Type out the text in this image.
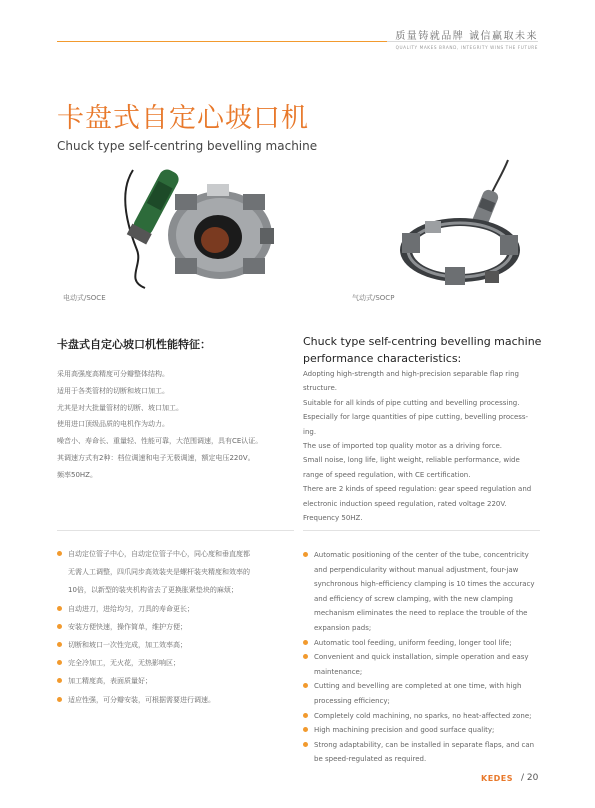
质量铸就品牌 诚信赢取未来
QUALITY MAKES BRAND, INTEGRITY WINS THE FUTURE
卡盘式自定心坡口机
Chuck type self-centring bevelling machine
电动式/SOCE	气动式/SOCP
卡盘式自定心坡口机性能特征：	Chuck type self-centring bevelling machine performance characteristics:
采用高强度高精度可分瓣整体结构。
适用于各类管材的切断和坡口加工。
尤其是对大批量管材的切断、坡口加工。
使用进口顶级品质的电机作为动力。
噪音小、寿命长、重量轻、性能可靠，大范围调速，具有CE认证。
其调速方式有2种：档位调速和电子无极调速，额定电压220V。
频率50HZ。
Adopting high-strength and high-precision separable flap ring
structure.
Suitable for all kinds of pipe cutting and bevelling processing.
Especially for large quantities of pipe cutting, bevelling process-
ing.
The use of imported top quality motor as a driving force.
Small noise, long life, light weight, reliable performance, wide
range of speed regulation, with CE certification.
There are 2 kinds of speed regulation: gear speed regulation and
electronic induction speed regulation, rated voltage 220V.
Frequency 50HZ.
自动定位管子中心，自动定位管子中心，同心度和垂直度都
无需人工调整，四爪同步高效装夹是螺杆装夹精度和效率的
10倍，以新型的装夹机构省去了更换胀紧垫块的麻烦；
自动进刀，进给均匀，刀具的寿命更长；
安装方便快速，操作简单，维护方便；
切断和坡口一次性完成，加工效率高；
完全冷加工，无火花，无热影响区；
加工精度高，表面质量好；
适应性强，可分瓣安装，可根据需要进行调速。
Automatic positioning of the center of the tube, concentricity
and perpendicularity without manual adjustment, four-jaw
synchronous high-efficiency clamping is 10 times the accuracy
and efficiency of screw clamping, with the new clamping
mechanism eliminates the need to replace the trouble of the
expansion pads;
Automatic tool feeding, uniform feeding, longer tool life;
Convenient and quick installation, simple operation and easy
maintenance;
Cutting and bevelling are completed at one time, with high
processing efficiency;
Completely cold machining, no sparks, no heat-affected zone;
High machining precision and good surface quality;
Strong adaptability, can be installed in separate flaps, and can
be speed-regulated as required.
KEDES / 20
